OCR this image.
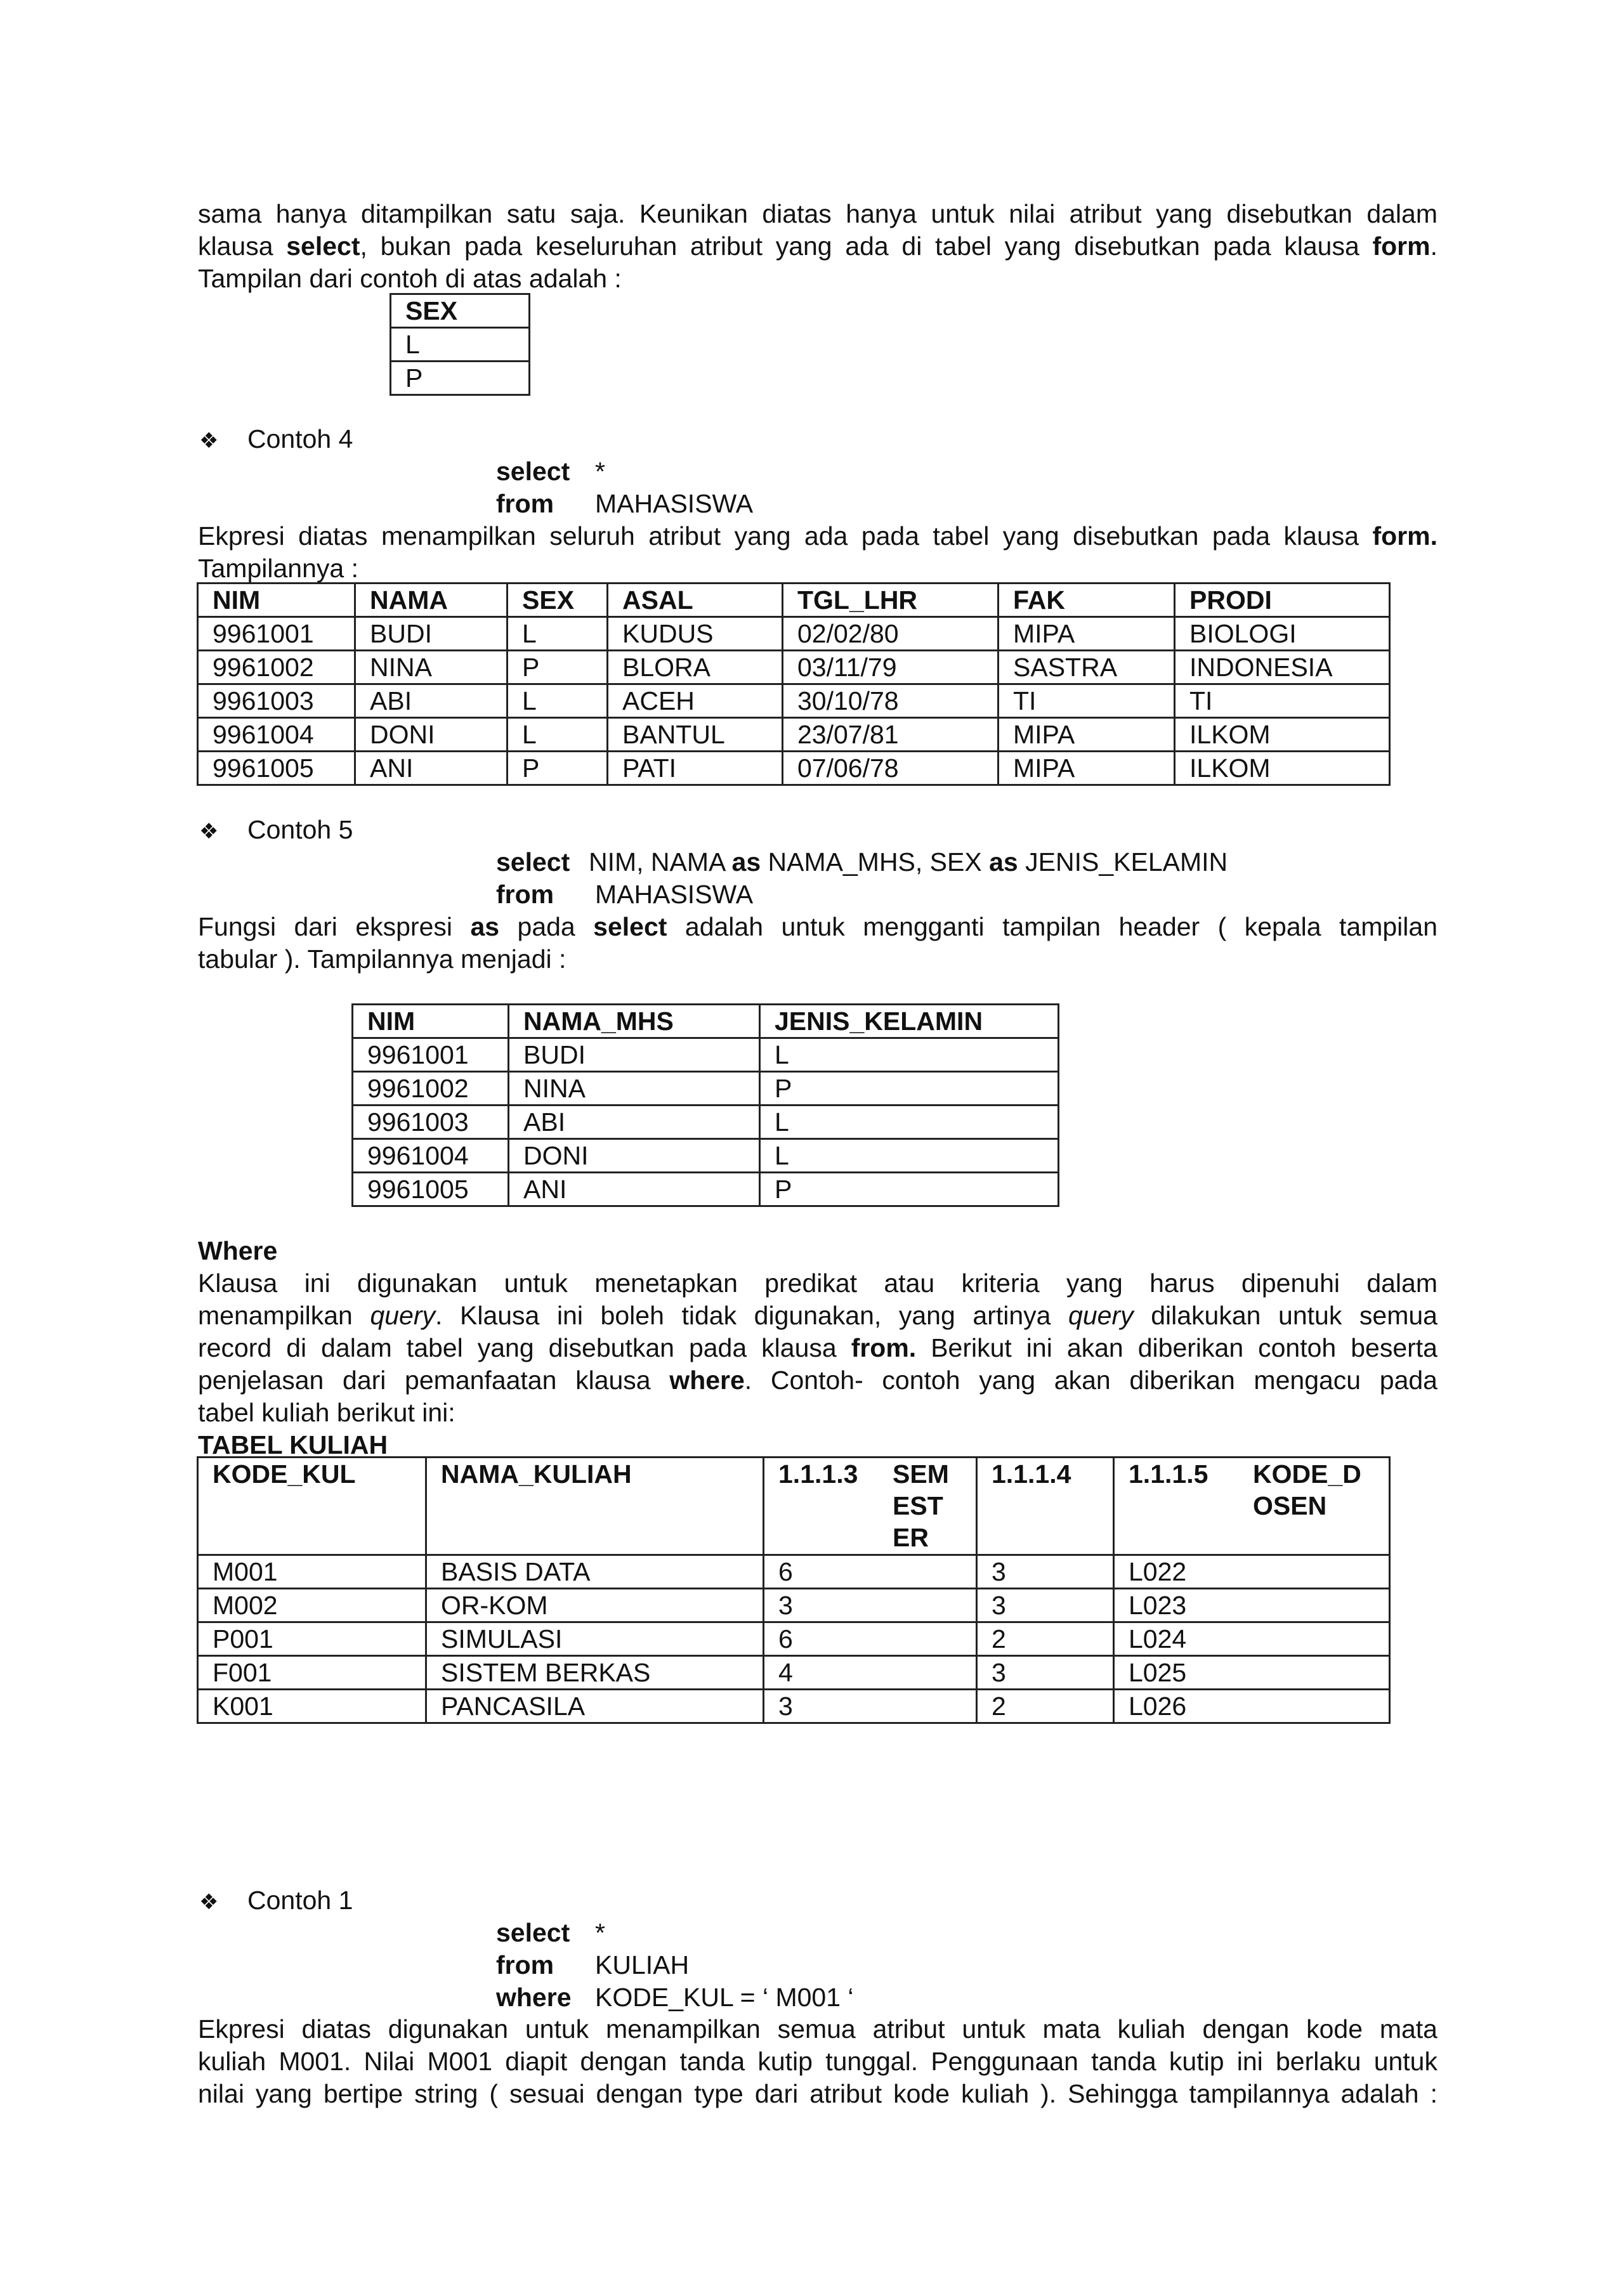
sama hanya ditampilkan satu saja. Keunikan diatas hanya untuk nilai atribut yang disebutkan dalam
klausa select, bukan pada keseluruhan atribut yang ada di tabel yang disebutkan pada klausa form.
Tampilan dari contoh di atas adalah :
SEX
L
P
❖ Contoh 4
select *
from MAHASISWA
Ekpresi diatas menampilkan seluruh atribut yang ada pada tabel yang disebutkan pada klausa form.
Tampilannya :
NIM	NAMA	SEX	ASAL	TGL_LHR	FAK	PRODI
9961001	BUDI	L	KUDUS	02/02/80	MIPA	BIOLOGI
9961002	NINA	P	BLORA	03/11/79	SASTRA	INDONESIA
9961003	ABI	L	ACEH	30/10/78	TI	TI
9961004	DONI	L	BANTUL	23/07/81	MIPA	ILKOM
9961005	ANI	P	PATI	07/06/78	MIPA	ILKOM
❖ Contoh 5
select NIM, NAMA as NAMA_MHS, SEX as JENIS_KELAMIN
from MAHASISWA
Fungsi dari ekspresi as pada select adalah untuk mengganti tampilan header ( kepala tampilan
tabular ). Tampilannya menjadi :
NIM	NAMA_MHS	JENIS_KELAMIN
9961001	BUDI	L
9961002	NINA	P
9961003	ABI	L
9961004	DONI	L
9961005	ANI	P
Where
Klausa ini digunakan untuk menetapkan predikat atau kriteria yang harus dipenuhi dalam
menampilkan query. Klausa ini boleh tidak digunakan, yang artinya query dilakukan untuk semua
record di dalam tabel yang disebutkan pada klausa from. Berikut ini akan diberikan contoh beserta
penjelasan dari pemanfaatan klausa where. Contoh- contoh yang akan diberikan mengacu pada
tabel kuliah berikut ini:
TABEL KULIAH
KODE_KUL	NAMA_KULIAH	1.1.1.3 SEM
EST
ER	1.1.1.4	1.1.1.5 KODE_D
OSEN

M001	BASIS DATA	6	3	L022
M002	OR-KOM	3	3	L023
P001	SIMULASI	6	2	L024
F001	SISTEM BERKAS	4	3	L025
K001	PANCASILA	3	2	L026
❖ Contoh 1
select *
from KULIAH
where KODE_KUL = ‘ M001 ‘
Ekpresi diatas digunakan untuk menampilkan semua atribut untuk mata kuliah dengan kode mata
kuliah M001. Nilai M001 diapit dengan tanda kutip tunggal. Penggunaan tanda kutip ini berlaku untuk
nilai yang bertipe string ( sesuai dengan type dari atribut kode kuliah ). Sehingga tampilannya adalah :
